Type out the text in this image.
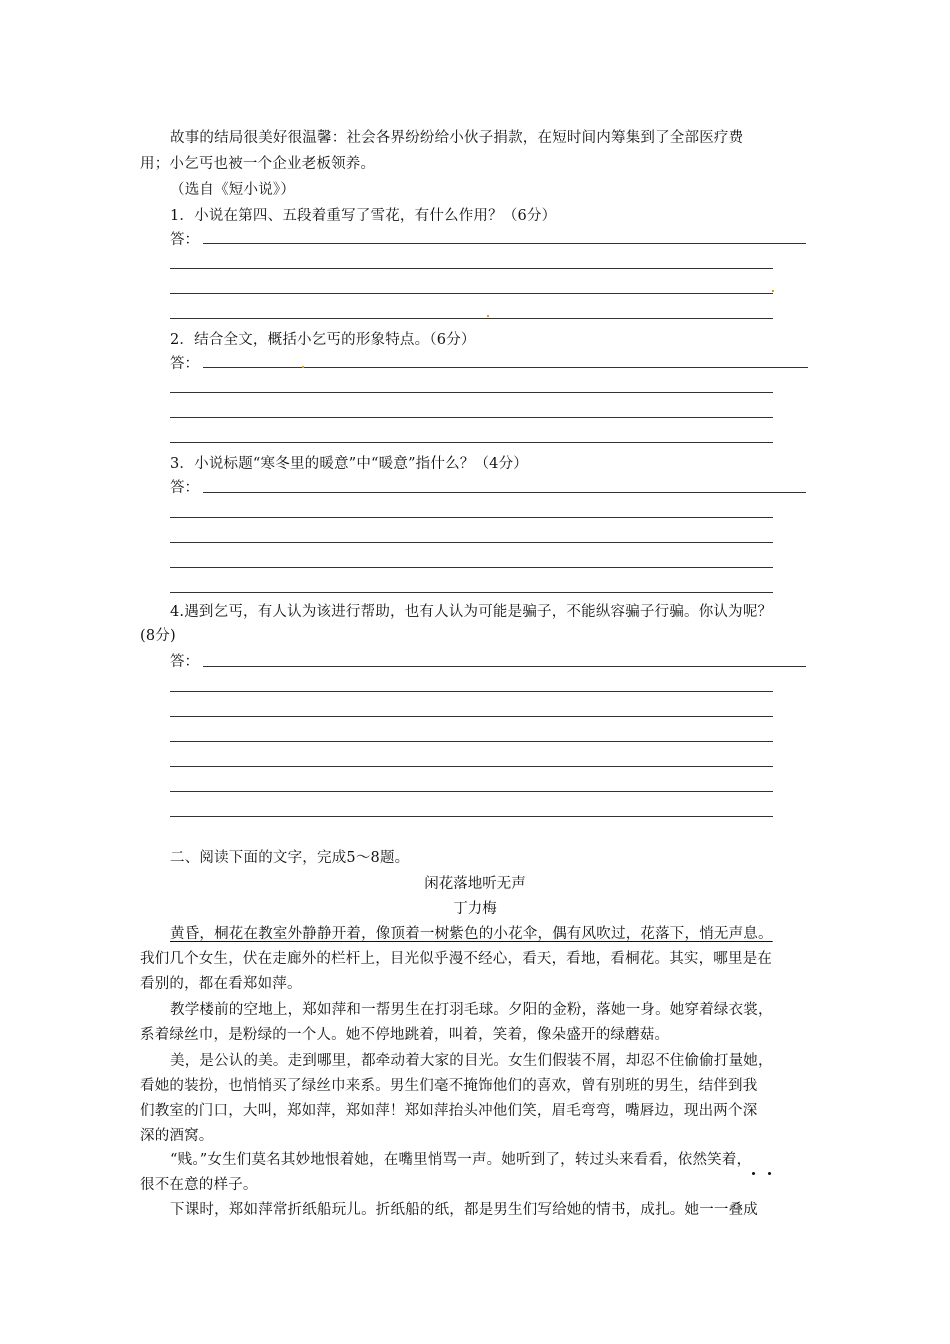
故事的结局很美好很温馨：社会各界纷纷给小伙子捐款，在短时间内筹集到了全部医疗费
用；小乞丐也被一个企业老板领养。
（选自《短小说》）
1．小说在第四、五段着重写了雪花，有什么作用？（6分）
答：
2．结合全文，概括小乞丐的形象特点。（6分）
答：
3．小说标题“寒冬里的暖意”中“暖意”指什么？（4分）
答：
4.遇到乞丐，有人认为该进行帮助，也有人认为可能是骗子，不能纵容骗子行骗。你认为呢？
(8分)
答：
二、阅读下面的文字，完成5～8题。
闲花落地听无声
丁力梅
黄昏，桐花在教室外静静开着，像顶着一树紫色的小花伞，偶有风吹过，花落下，悄无声息。
我们几个女生，伏在走廊外的栏杆上，目光似乎漫不经心，看天，看地，看桐花。其实，哪里是在
看别的，都在看郑如萍。
教学楼前的空地上，郑如萍和一帮男生在打羽毛球。夕阳的金粉，落她一身。她穿着绿衣裳，
系着绿丝巾，是粉绿的一个人。她不停地跳着，叫着，笑着，像朵盛开的绿蘑菇。
美，是公认的美。走到哪里，都牵动着大家的目光。女生们假装不屑，却忍不住偷偷打量她，
看她的装扮，也悄悄买了绿丝巾来系。男生们毫不掩饰他们的喜欢，曾有别班的男生，结伴到我
们教室的门口，大叫，郑如萍，郑如萍！郑如萍抬头冲他们笑，眉毛弯弯，嘴唇边，现出两个深
深的酒窝。
“贱。”女生们莫名其妙地恨着她，在嘴里悄骂一声。她听到了，转过头来看看，依然笑着，
很不在意的样子。
下课时，郑如萍常折纸船玩儿。折纸船的纸，都是男生们写给她的情书，成扎。她一一叠成
